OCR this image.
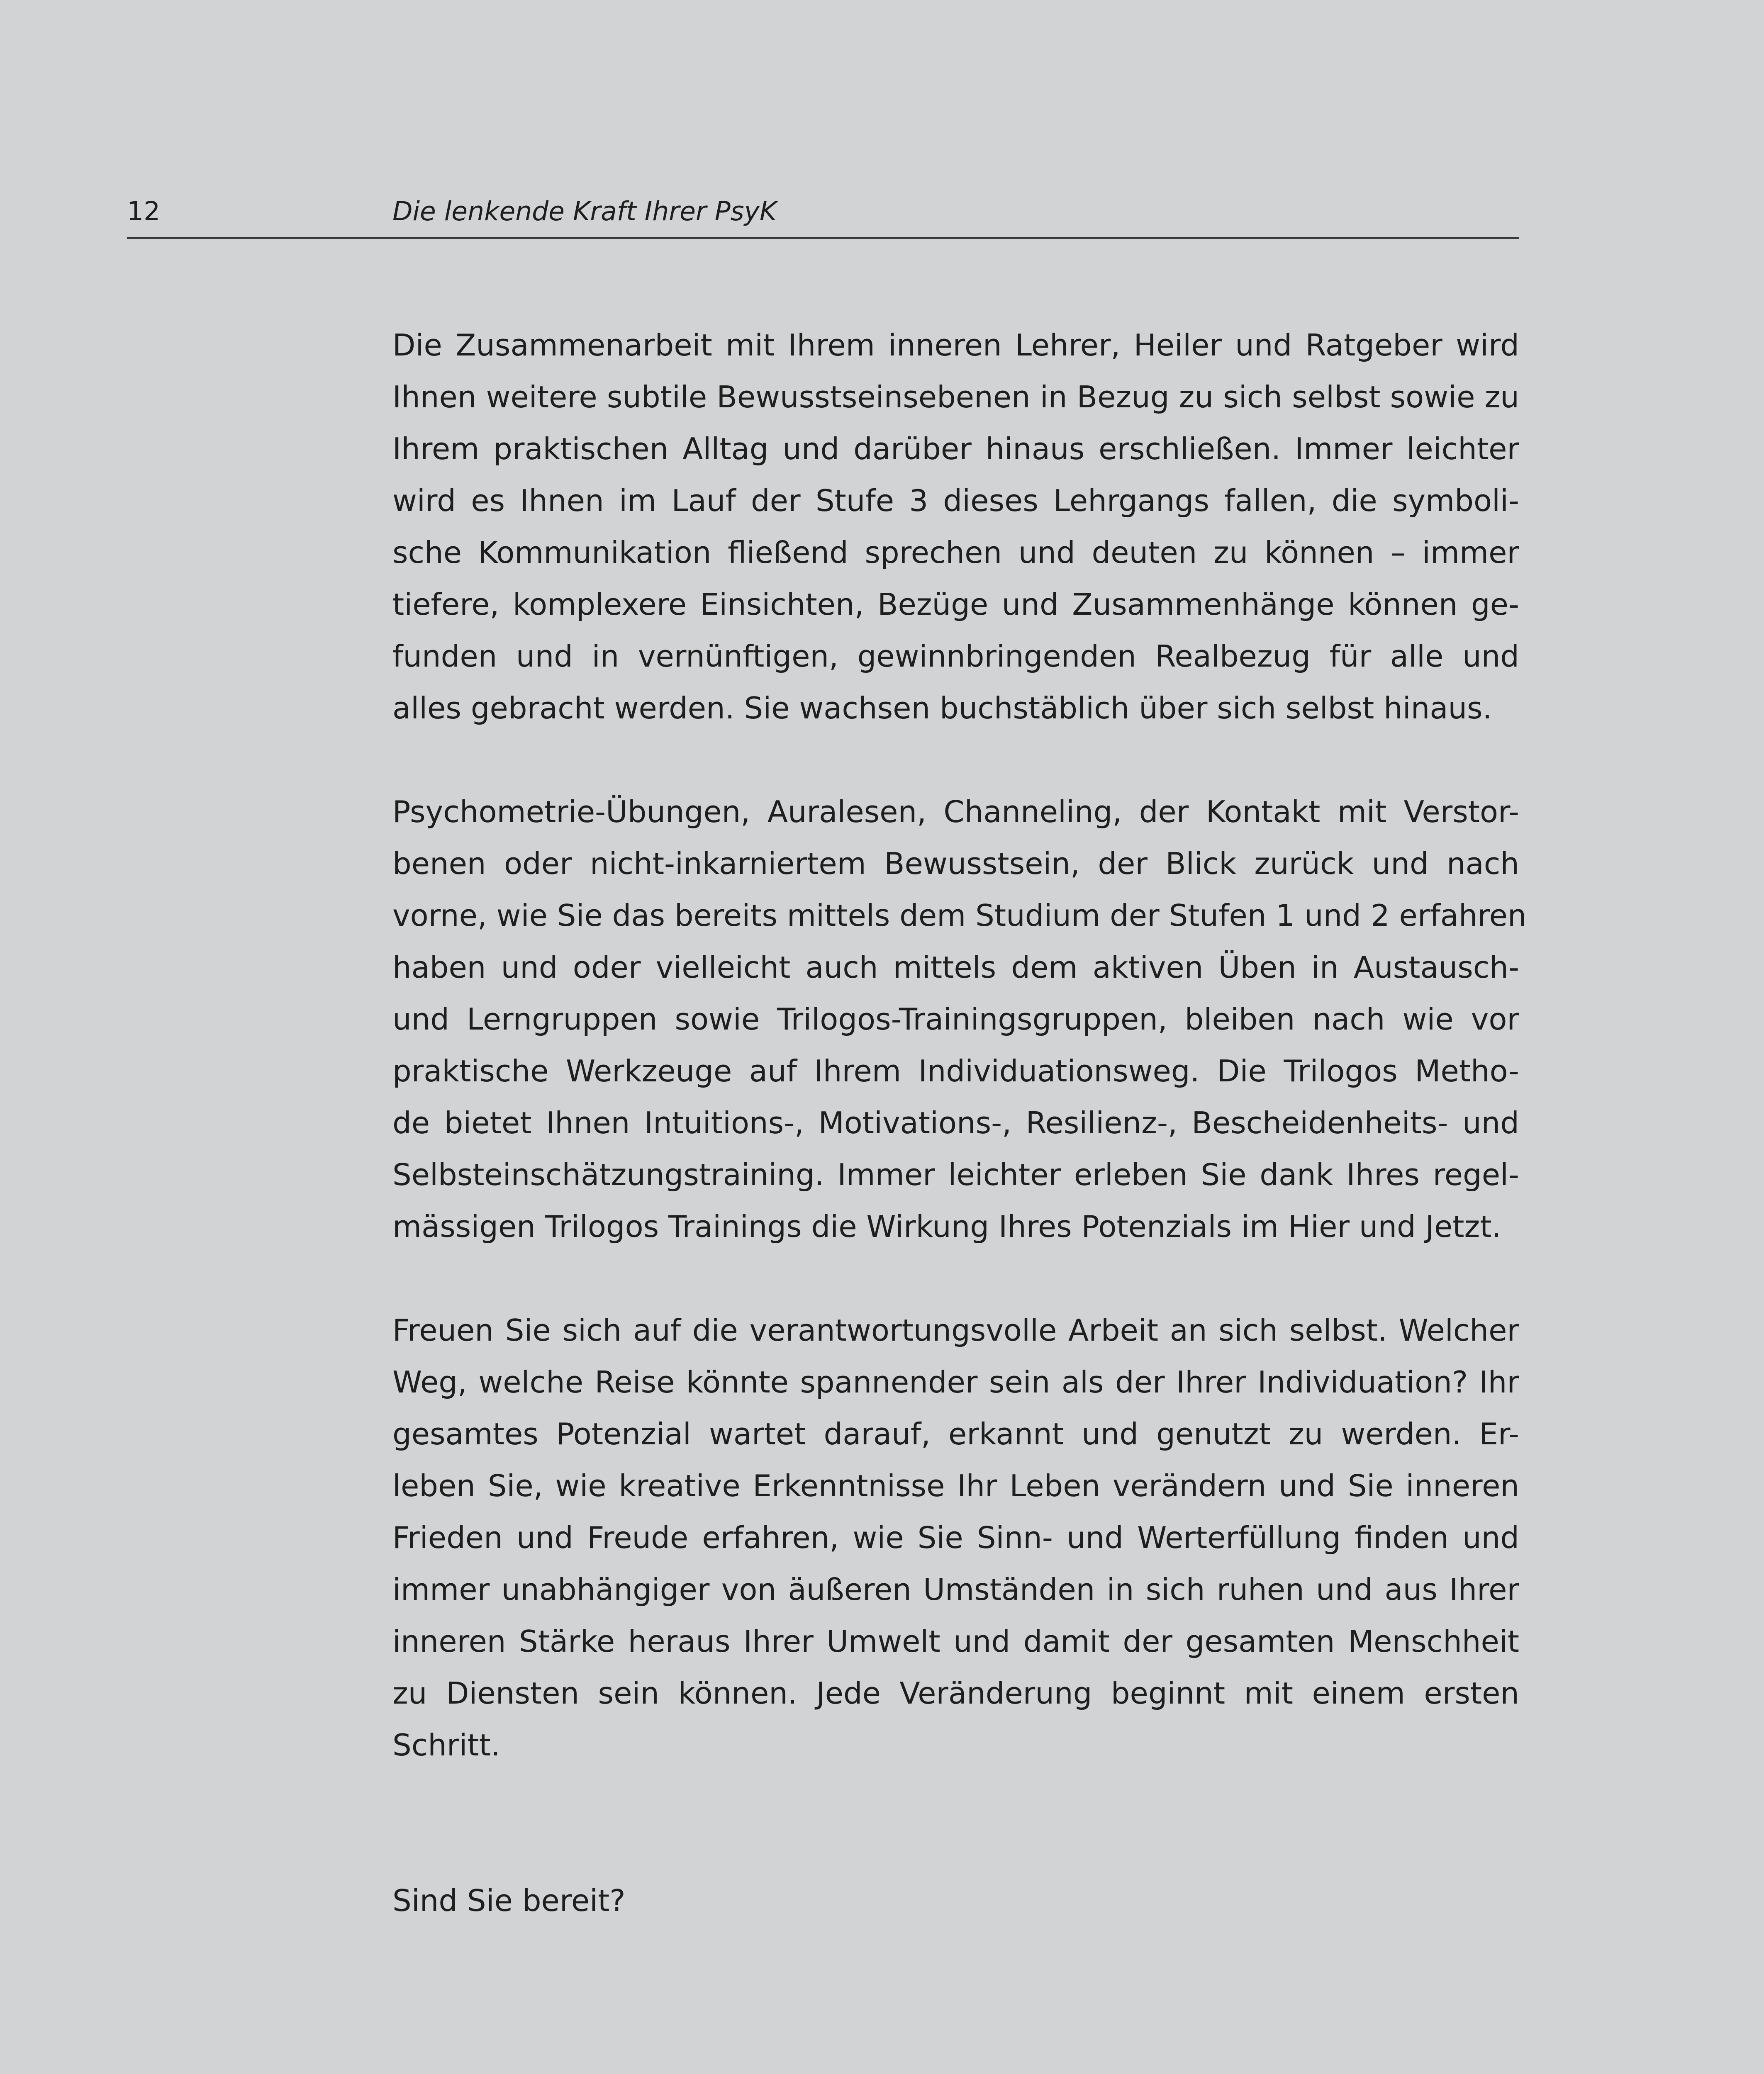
12	Die lenkende Kraft Ihrer PsyK

Die Zusammenarbeit mit Ihrem inneren Lehrer, Heiler und Ratgeber wird
Ihnen weitere subtile Bewusstseinsebenen in Bezug zu sich selbst sowie zu
Ihrem praktischen Alltag und darüber hinaus erschließen. Immer leichter
wird es Ihnen im Lauf der Stufe 3 dieses Lehrgangs fallen, die symboli-
sche Kommunikation fließend sprechen und deuten zu können – immer
tiefere, komplexere Einsichten, Bezüge und Zusammenhänge können ge-
funden und in vernünftigen, gewinnbringenden Realbezug für alle und
alles gebracht werden. Sie wachsen buchstäblich über sich selbst hinaus.

Psychometrie-Übungen, Auralesen, Channeling, der Kontakt mit Verstor-
benen oder nicht-inkarniertem Bewusstsein, der Blick zurück und nach
vorne, wie Sie das bereits mittels dem Studium der Stufen 1 und 2 erfahren
haben und oder vielleicht auch mittels dem aktiven Üben in Austausch-
und Lerngruppen sowie Trilogos-Trainingsgruppen, bleiben nach wie vor
praktische Werkzeuge auf Ihrem Individuationsweg. Die Trilogos Metho-
de bietet Ihnen Intuitions-, Motivations-, Resilienz-, Bescheidenheits- und
Selbsteinschätzungstraining. Immer leichter erleben Sie dank Ihres regel-
mässigen Trilogos Trainings die Wirkung Ihres Potenzials im Hier und Jetzt.

Freuen Sie sich auf die verantwortungsvolle Arbeit an sich selbst. Welcher
Weg, welche Reise könnte spannender sein als der Ihrer Individuation? Ihr
gesamtes Potenzial wartet darauf, erkannt und genutzt zu werden. Er-
leben Sie, wie kreative Erkenntnisse Ihr Leben verändern und Sie inneren
Frieden und Freude erfahren, wie Sie Sinn- und Werterfüllung finden und
immer unabhängiger von äußeren Umständen in sich ruhen und aus Ihrer
inneren Stärke heraus Ihrer Umwelt und damit der gesamten Menschheit
zu Diensten sein können. Jede Veränderung beginnt mit einem ersten
Schritt.

Sind Sie bereit?
